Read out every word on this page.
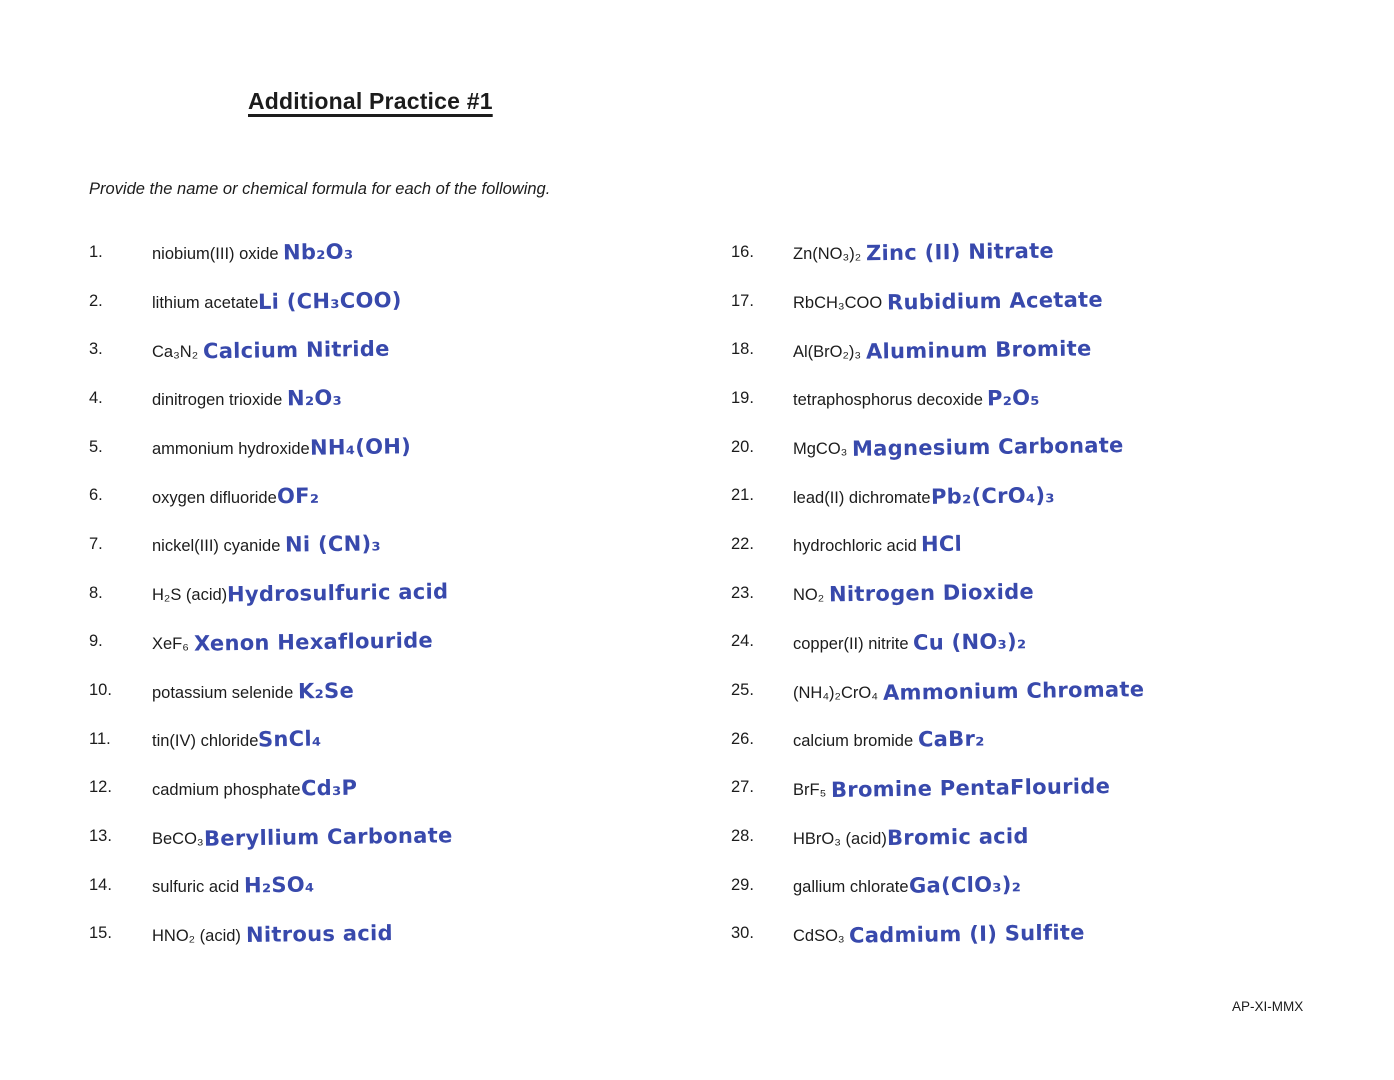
Additional Practice #1

Provide the name or chemical formula for each of the following.

1.	niobium(III) oxide Nb₂O₃
2.	lithium acetate Li (CH₃COO)
3.	Ca₃N₂ Calcium Nitride
4.	dinitrogen trioxide N₂O₃
5.	ammonium hydroxide NH₄(OH)
6.	oxygen difluoride OF₂
7.	nickel(III) cyanide Ni (CN)₃
8.	H₂S (acid) Hydrosulfuric acid
9.	XeF₆ Xenon Hexaflouride
10.	potassium selenide K₂Se
11.	tin(IV) chloride SnCl₄
12.	cadmium phosphate Cd₃P
13.	BeCO₃ Beryllium Carbonate
14.	sulfuric acid H₂SO₄
15.	HNO₂ (acid) Nitrous acid
16.	Zn(NO₃)₂ Zinc (II) Nitrate
17.	RbCH₃COO Rubidium Acetate
18.	Al(BrO₂)₃ Aluminum Bromite
19.	tetraphosphorus decoxide P₂O₅
20.	MgCO₃ Magnesium Carbonate
21.	lead(II) dichromate Pb₂(CrO₄)₃
22.	hydrochloric acid HCl
23.	NO₂ Nitrogen Dioxide
24.	copper(II) nitrite Cu (NO₃)₂
25.	(NH₄)₂CrO₄ Ammonium Chromate
26.	calcium bromide CaBr₂
27.	BrF₅ Bromine PentaFlouride
28.	HBrO₃ (acid) Bromic acid
29.	gallium chlorate Ga(ClO₃)₂
30.	CdSO₃ Cadmium (I) Sulfite
AP-XI-MMX
